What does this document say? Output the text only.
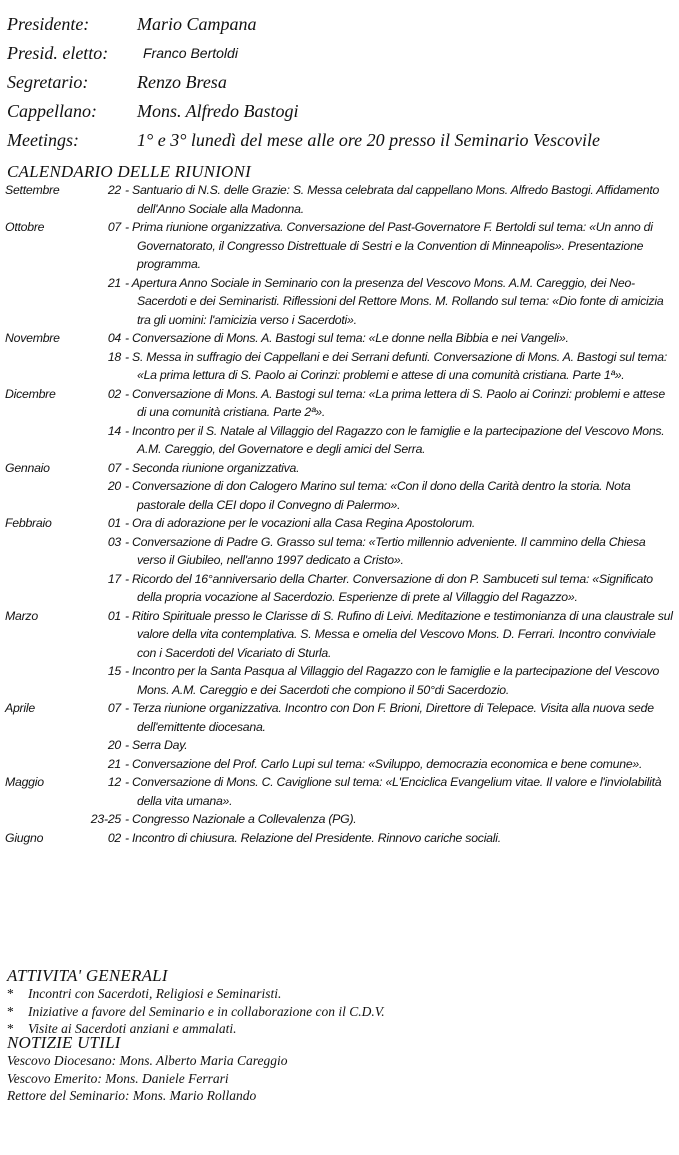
Presidente:	Mario Campana
Presid. eletto: Franco Bertoldi
Segretario:	Renzo Bresa
Cappellano: Mons. Alfredo Bastogi
Meetings:	1° e 3° lunedì del mese alle ore 20 presso il Seminario Vescovile
CALENDARIO DELLE RIUNIONI
Settembre	22 - Santuario di N.S. delle Grazie: S. Messa celebrata dal cappellano Mons. Alfredo Bastogi. Affidamento dell'Anno Sociale alla Madonna.
Ottobre	07 - Prima riunione organizzativa. Conversazione del Past-Governatore F. Bertoldi sul tema: «Un anno di Governatorato, il Congresso Distrettuale di Sestri e la Convention di Minneapolis». Presentazione programma.
21 - Apertura Anno Sociale in Seminario con la presenza del Vescovo Mons. A.M. Careggio, dei Neo-Sacerdoti e dei Seminaristi. Riflessioni del Rettore Mons. M. Rollando sul tema: «Dio fonte di amicizia tra gli uomini: l'amicizia verso i Sacerdoti».
Novembre	04 - Conversazione di Mons. A. Bastogi sul tema: «Le donne nella Bibbia e nei Vangeli».
18 - S. Messa in suffragio dei Cappellani e dei Serrani defunti. Conversazione di Mons. A. Bastogi sul tema: «La prima lettura di S. Paolo ai Corinzi: problemi e attese di una comunità cristiana. Parte 1ª».
Dicembre	02 - Conversazione di Mons. A. Bastogi sul tema: «La prima lettera di S. Paolo ai Corinzi: problemi e attese di una comunità cristiana. Parte 2ª».
14 - Incontro per il S. Natale al Villaggio del Ragazzo con le famiglie e la partecipazione del Vescovo Mons. A.M. Careggio, del Governatore e degli amici del Serra.
Gennaio	07 - Seconda riunione organizzativa.
20 - Conversazione di don Calogero Marino sul tema: «Con il dono della Carità dentro la storia. Nota pastorale della CEI dopo il Convegno di Palermo».
Febbraio	01 - Ora di adorazione per le vocazioni alla Casa Regina Apostolorum.
03 - Conversazione di Padre G. Grasso sul tema: «Tertio millennio adveniente. Il cammino della Chiesa verso il Giubileo, nell'anno 1997 dedicato a Cristo».
17 - Ricordo del 16°anniversario della Charter. Conversazione di don P. Sambuceti sul tema: «Significato della propria vocazione al Sacerdozio. Esperienze di prete al Villaggio del Ragazzo».
Marzo	01 - Ritiro Spirituale presso le Clarisse di S. Rufino di Leivi. Meditazione e testimonianza di una claustrale sul valore della vita contemplativa. S. Messa e omelia del Vescovo Mons. D. Ferrari. Incontro conviviale con i Sacerdoti del Vicariato di Sturla.
15 - Incontro per la Santa Pasqua al Villaggio del Ragazzo con le famiglie e la partecipazione del Vescovo Mons. A.M. Careggio e dei Sacerdoti che compiono il 50°di Sacerdozio.
Aprile	07 - Terza riunione organizzativa. Incontro con Don F. Brioni, Direttore di Telepace. Visita alla nuova sede dell'emittente diocesana.
20 - Serra Day.
21 - Conversazione del Prof. Carlo Lupi sul tema: «Sviluppo, democrazia economica e bene comune».
Maggio	12 - Conversazione di Mons. C. Caviglione sul tema: «L'Enciclica Evangelium vitae. Il valore e l'inviolabilità della vita umana».
23-25 - Congresso Nazionale a Collevalenza (PG).
Giugno	02 - Incontro di chiusura. Relazione del Presidente. Rinnovo cariche sociali.
ATTIVITA' GENERALI
* Incontri con Sacerdoti, Religiosi e Seminaristi.
* Iniziative a favore del Seminario e in collaborazione con il C.D.V.
* Visite ai Sacerdoti anziani e ammalati.
NOTIZIE UTILI
Vescovo Diocesano: Mons. Alberto Maria Careggio
Vescovo Emerito: Mons. Daniele Ferrari
Rettore del Seminario: Mons. Mario Rollando
